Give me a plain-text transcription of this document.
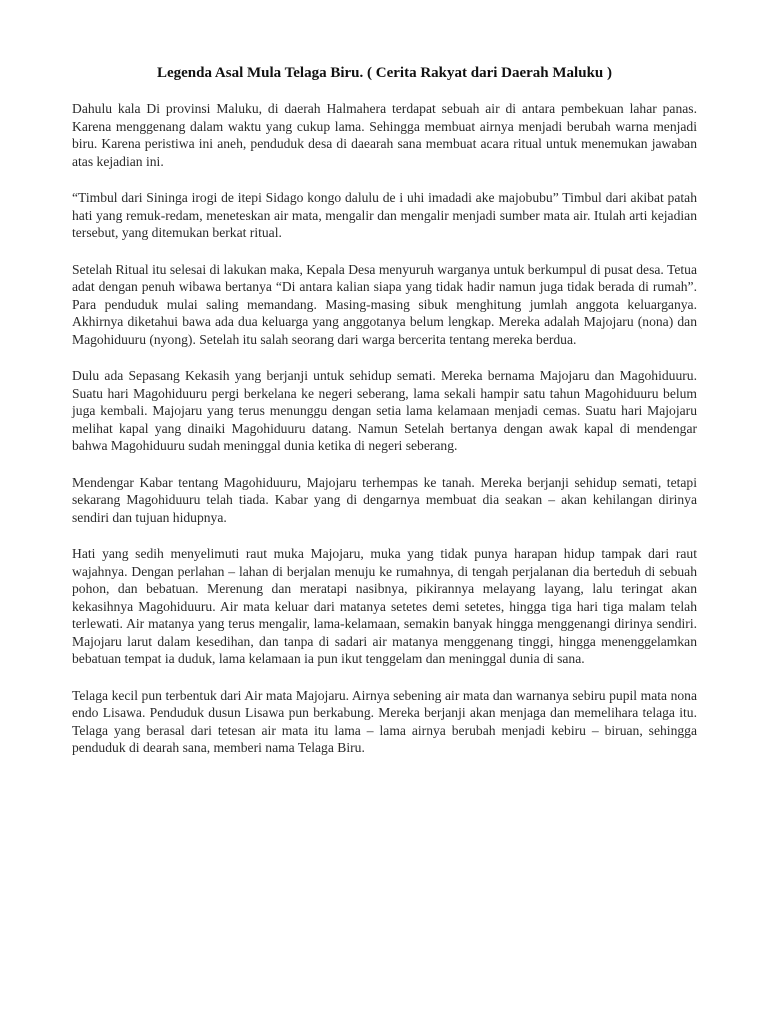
Legenda Asal Mula Telaga Biru. ( Cerita Rakyat dari Daerah Maluku )

Dahulu kala Di provinsi Maluku, di daerah Halmahera terdapat sebuah air di antara pembekuan lahar panas. Karena menggenang dalam waktu yang cukup lama. Sehingga membuat airnya menjadi berubah warna menjadi biru. Karena peristiwa ini aneh, penduduk desa di daearah sana membuat acara ritual untuk menemukan jawaban atas kejadian ini.

“Timbul dari Sininga irogi de itepi Sidago kongo dalulu de i uhi imadadi ake majobubu” Timbul dari akibat patah hati yang remuk-redam, meneteskan air mata, mengalir dan mengalir menjadi sumber mata air. Itulah arti kejadian tersebut, yang ditemukan berkat ritual.

Setelah Ritual itu selesai di lakukan maka, Kepala Desa menyuruh warganya untuk berkumpul di pusat desa. Tetua adat dengan penuh wibawa bertanya “Di antara kalian siapa yang tidak hadir namun juga tidak berada di rumah”. Para penduduk mulai saling memandang. Masing-masing sibuk menghitung jumlah anggota keluarganya. Akhirnya diketahui bawa ada dua keluarga yang anggotanya belum lengkap. Mereka adalah Majojaru (nona) dan Magohiduuru (nyong). Setelah itu salah seorang dari warga bercerita tentang mereka berdua.

Dulu ada Sepasang Kekasih yang berjanji untuk sehidup semati. Mereka bernama Majojaru dan Magohiduuru. Suatu hari Magohiduuru pergi berkelana ke negeri seberang, lama sekali hampir satu tahun Magohiduuru belum juga kembali. Majojaru yang terus menunggu dengan setia lama kelamaan menjadi cemas. Suatu hari Majojaru melihat kapal yang dinaiki Magohiduuru datang. Namun Setelah bertanya dengan awak kapal di mendengar bahwa Magohiduuru sudah meninggal dunia ketika di negeri seberang.

Mendengar Kabar tentang Magohiduuru, Majojaru terhempas ke tanah. Mereka berjanji sehidup semati, tetapi sekarang Magohiduuru telah tiada. Kabar yang di dengarnya membuat dia seakan – akan kehilangan dirinya sendiri dan tujuan hidupnya.

Hati yang sedih menyelimuti raut muka Majojaru, muka yang tidak punya harapan hidup tampak dari raut wajahnya. Dengan perlahan – lahan di berjalan menuju ke rumahnya, di tengah perjalanan dia berteduh di sebuah pohon, dan bebatuan. Merenung dan meratapi nasibnya, pikirannya melayang layang, lalu teringat akan kekasihnya Magohiduuru. Air mata keluar dari matanya setetes demi setetes, hingga tiga hari tiga malam telah terlewati. Air matanya yang terus mengalir, lama-kelamaan, semakin banyak hingga menggenangi dirinya sendiri. Majojaru larut dalam kesedihan, dan tanpa di sadari air matanya menggenang tinggi, hingga menenggelamkan bebatuan tempat ia duduk, lama kelamaan ia pun ikut tenggelam dan meninggal dunia di sana.

Telaga kecil pun terbentuk dari Air mata Majojaru. Airnya sebening air mata dan warnanya sebiru pupil mata nona endo Lisawa. Penduduk dusun Lisawa pun berkabung. Mereka berjanji akan menjaga dan memelihara telaga itu. Telaga yang berasal dari tetesan air mata itu lama – lama airnya berubah menjadi kebiru – biruan, sehingga penduduk di dearah sana, memberi nama Telaga Biru.
